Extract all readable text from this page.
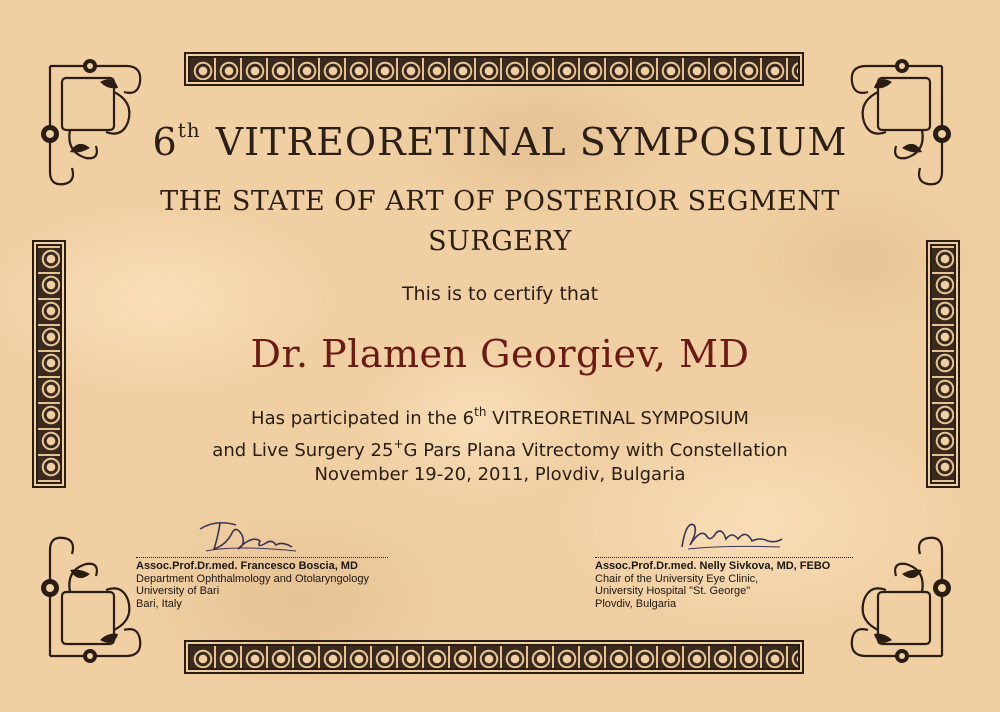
6th VITREORETINAL SYMPOSIUM
THE STATE OF ART OF POSTERIOR SEGMENT
SURGERY
This is to certify that
Dr. Plamen Georgiev, MD
Has participated in the 6th VITREORETINAL SYMPOSIUM
and Live Surgery 25+G Pars Plana Vitrectomy with Constellation
November 19-20, 2011, Plovdiv, Bulgaria
Assoc.Prof.Dr.med. Francesco Boscia, MD
Department Ophthalmology and Otolaryngology
University of Bari
Bari, Italy
Assoc.Prof.Dr.med. Nelly Sivkova, MD, FEBO
Chair of the University Eye Clinic,
University Hospital "St. George"
Plovdiv, Bulgaria
